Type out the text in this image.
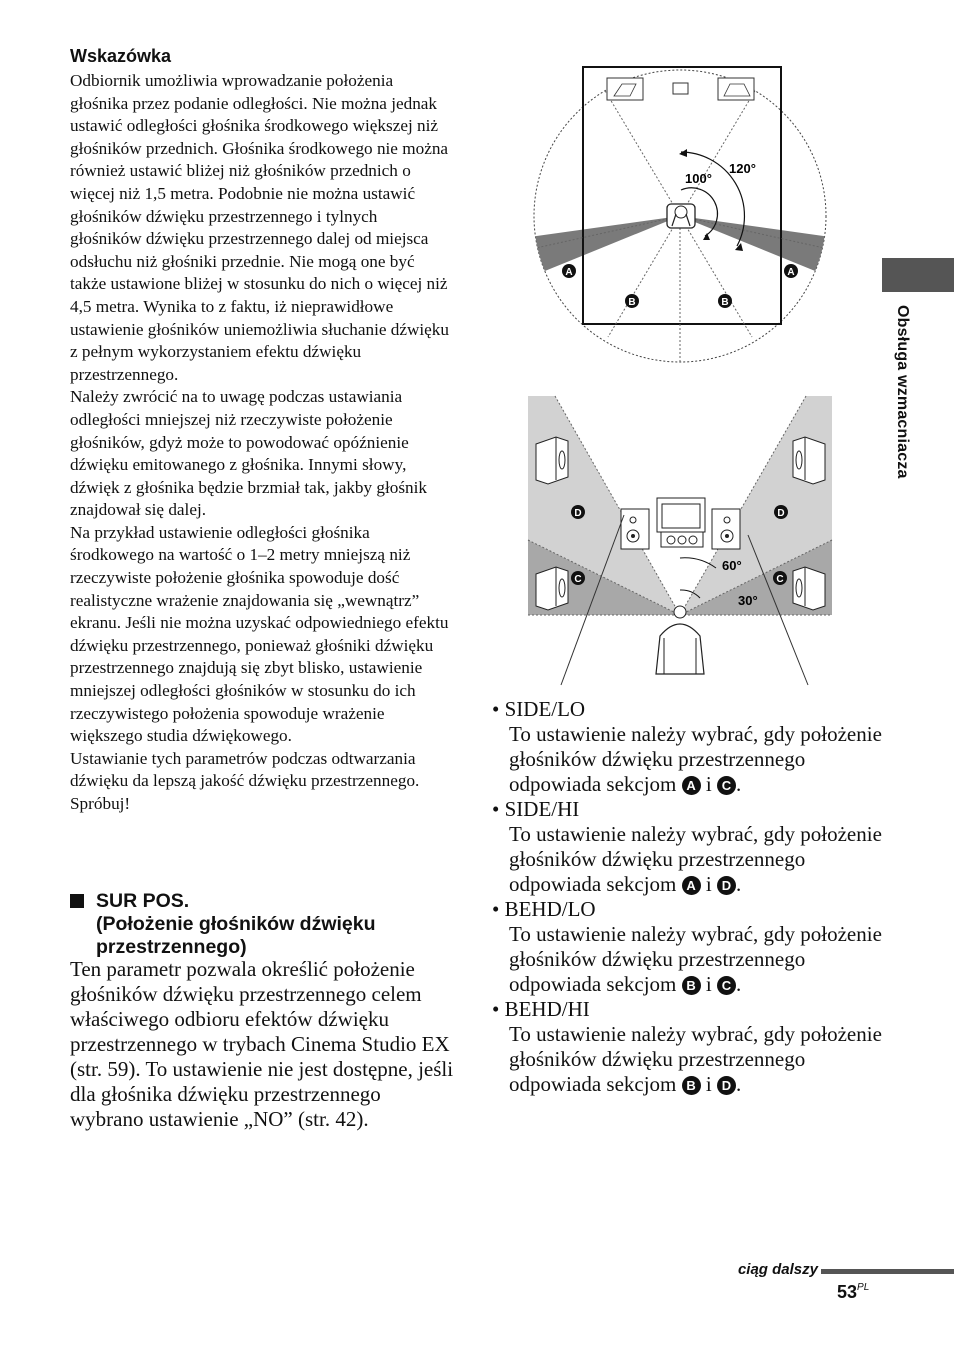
Wskazówka

Odbiornik umożliwia wprowadzanie położenia głośnika przez podanie odległości. Nie można jednak ustawić odległości głośnika środkowego większej niż głośników przednich. Głośnika środkowego nie można również ustawić bliżej niż głośników przednich o więcej niż 1,5 metra. Podobnie nie można ustawić głośników dźwięku przestrzennego i tylnych głośników dźwięku przestrzennego dalej od miejsca odsłuchu niż głośniki przednie. Nie mogą one być także ustawione bliżej w stosunku do nich o więcej niż 4,5 metra. Wynika to z faktu, iż nieprawidłowe ustawienie głośników uniemożliwia słuchanie dźwięku z pełnym wykorzystaniem efektu dźwięku przestrzennego.

Należy zwrócić na to uwagę podczas ustawiania odległości mniejszej niż rzeczywiste położenie głośników, gdyż może to powodować opóźnienie dźwięku emitowanego z głośnika. Innymi słowy, dźwięk z głośnika będzie brzmiał tak, jakby głośnik znajdował się dalej.

Na przykład ustawienie odległości głośnika środkowego na wartość o 1–2 metry mniejszą niż rzeczywiste położenie głośnika spowoduje dość realistyczne wrażenie znajdowania się „wewnątrz” ekranu. Jeśli nie można uzyskać odpowiedniego efektu dźwięku przestrzennego, ponieważ głośniki dźwięku przestrzennego znajdują się zbyt blisko, ustawienie mniejszej odległości głośników w stosunku do ich rzeczywistego położenia spowoduje wrażenie większego studia dźwiękowego.

Ustawianie tych parametrów podczas odtwarzania dźwięku da lepszą jakość dźwięku przestrzennego. Spróbuj!

SUR POS.
(Położenie głośników dźwięku
przestrzennego)

Ten parametr pozwala określić położenie głośników dźwięku przestrzennego celem właściwego odbioru efektów dźwięku przestrzennego w trybach Cinema Studio EX (str. 59). To ustawienie nie jest dostępne, jeśli dla głośnika dźwięku przestrzennego wybrano ustawienie „NO” (str. 42).

100°
120°
A	A
B	B
60°
30°
D	D
C	C

• SIDE/LO
To ustawienie należy wybrać, gdy położenie głośników dźwięku przestrzennego odpowiada sekcjom A i C .

• SIDE/HI
To ustawienie należy wybrać, gdy położenie głośników dźwięku przestrzennego odpowiada sekcjom A i D .

• BEHD/LO
To ustawienie należy wybrać, gdy położenie głośników dźwięku przestrzennego odpowiada sekcjom B i C .

• BEHD/HI
To ustawienie należy wybrać, gdy położenie głośników dźwięku przestrzennego odpowiada sekcjom B i D .

Obsługa wzmacniacza
ciąg dalszy
$53^{PL}$
